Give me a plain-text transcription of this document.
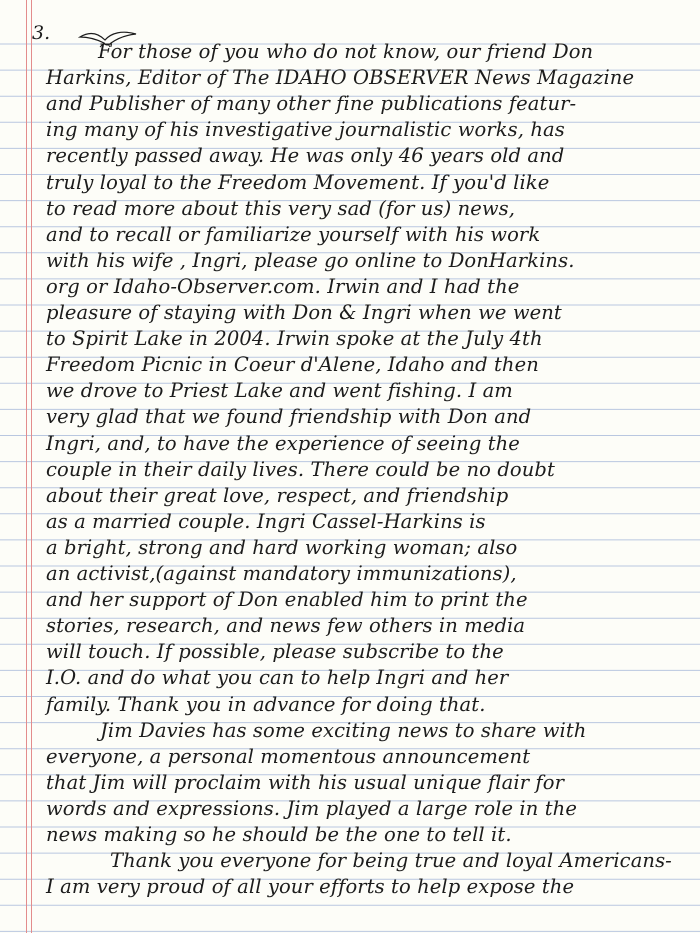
3.
For those of you who do not know, our friend Don
Harkins, Editor of The IDAHO OBSERVER News Magazine
and Publisher of many other fine publications featur-
ing many of his investigative journalistic works, has
recently passed away. He was only 46 years old and
truly loyal to the Freedom Movement. If you'd like
to read more about this very sad (for us) news,
and to recall or familiarize yourself with his work
with his wife , Ingri, please go online to DonHarkins.
org or Idaho-Observer.com. Irwin and I had the
pleasure of staying with Don & Ingri when we went
to Spirit Lake in 2004. Irwin spoke at the July 4th
Freedom Picnic in Coeur d'Alene, Idaho and then
we drove to Priest Lake and went fishing. I am
very glad that we found friendship with Don and
Ingri, and, to have the experience of seeing the
couple in their daily lives. There could be no doubt
about their great love, respect, and friendship
as a married couple. Ingri Cassel-Harkins is
a bright, strong and hard working woman; also
an activist,(against mandatory immunizations),
and her support of Don enabled him to print the
stories, research, and news few others in media
will touch. If possible, please subscribe to the
I.O. and do what you can to help Ingri and her
family. Thank you in advance for doing that.
Jim Davies has some exciting news to share with
everyone, a personal momentous announcement
that Jim will proclaim with his usual unique flair for
words and expressions. Jim played a large role in the
news making so he should be the one to tell it.
Thank you everyone for being true and loyal Americans-
I am very proud of all your efforts to help expose the
